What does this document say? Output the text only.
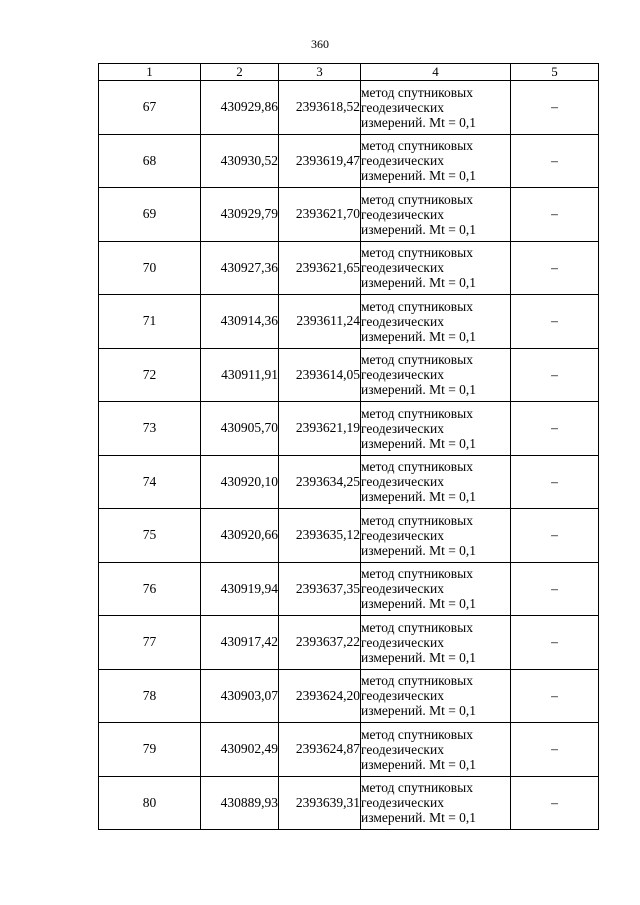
360
1	2	3	4	5
67	430929,86	2393618,52	метод спутниковых
геодезических
измерений. Mt = 0,1	–
68	430930,52	2393619,47	метод спутниковых
геодезических
измерений. Mt = 0,1	–
69	430929,79	2393621,70	метод спутниковых
геодезических
измерений. Mt = 0,1	–
70	430927,36	2393621,65	метод спутниковых
геодезических
измерений. Mt = 0,1	–
71	430914,36	2393611,24	метод спутниковых
геодезических
измерений. Mt = 0,1	–
72	430911,91	2393614,05	метод спутниковых
геодезических
измерений. Mt = 0,1	–
73	430905,70	2393621,19	метод спутниковых
геодезических
измерений. Mt = 0,1	–
74	430920,10	2393634,25	метод спутниковых
геодезических
измерений. Mt = 0,1	–
75	430920,66	2393635,12	метод спутниковых
геодезических
измерений. Mt = 0,1	–
76	430919,94	2393637,35	метод спутниковых
геодезических
измерений. Mt = 0,1	–
77	430917,42	2393637,22	метод спутниковых
геодезических
измерений. Mt = 0,1	–
78	430903,07	2393624,20	метод спутниковых
геодезических
измерений. Mt = 0,1	–
79	430902,49	2393624,87	метод спутниковых
геодезических
измерений. Mt = 0,1	–
80	430889,93	2393639,31	метод спутниковых
геодезических
измерений. Mt = 0,1	–
